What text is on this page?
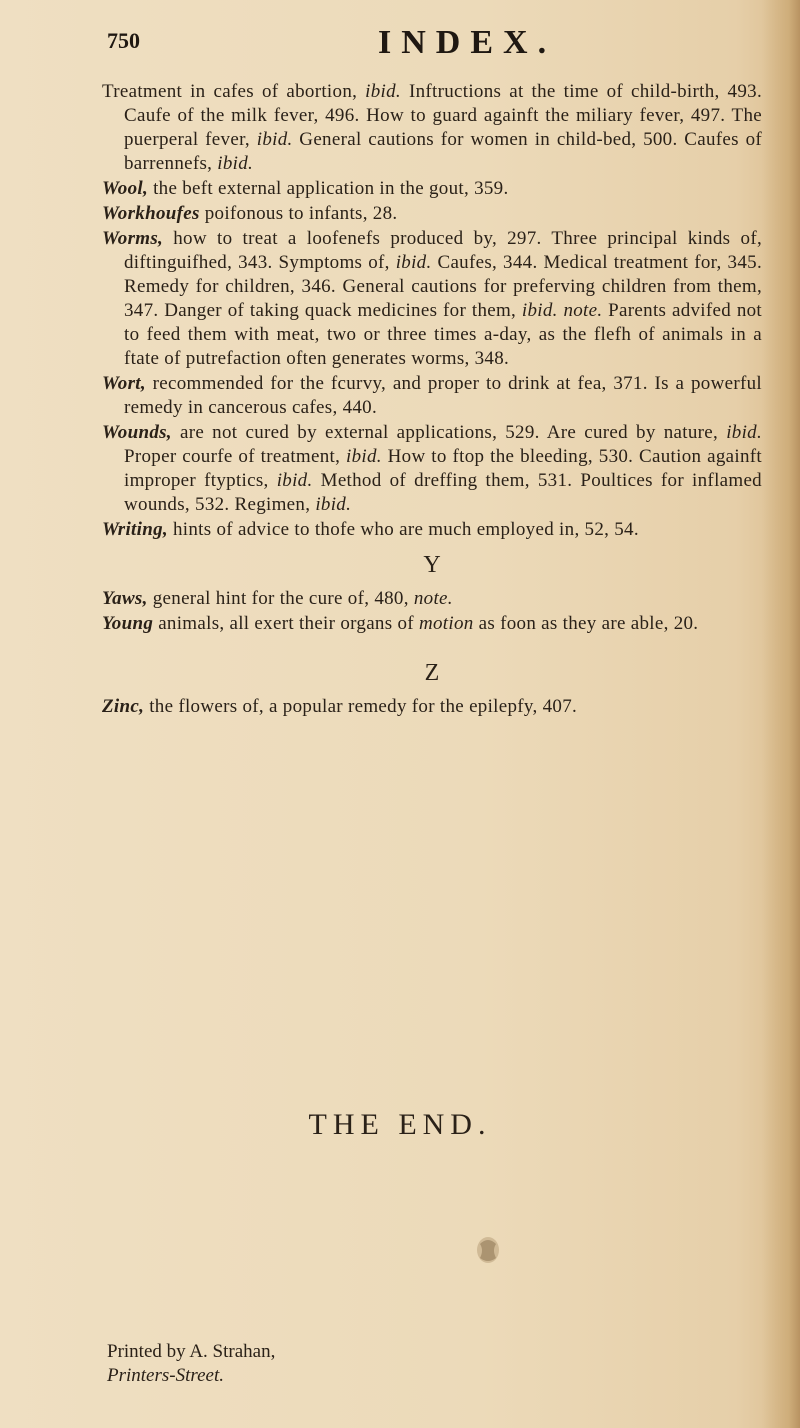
750	INDEX.

Treatment in cafes of abortion, ibid. Inftructions at the time of child-birth, 493. Caufe of the milk fever, 496. How to guard againft the miliary fever, 497. The puerperal fever, ibid. General cautions for women in child-bed, 500. Caufes of barrennefs, ibid.

Wool, the beft external application in the gout, 359.

Workhoufes poifonous to infants, 28.

Worms, how to treat a loofenefs produced by, 297. Three principal kinds of, diftinguifhed, 343. Symptoms of, ibid. Caufes, 344. Medical treatment for, 345. Remedy for children, 346. General cautions for preferving children from them, 347. Danger of taking quack medicines for them, ibid. note. Parents advifed not to feed them with meat, two or three times a-day, as the flefh of animals in a ftate of putrefaction often generates worms, 348.

Wort, recommended for the fcurvy, and proper to drink at fea, 371. Is a powerful remedy in cancerous cafes, 440.

Wounds, are not cured by external applications, 529. Are cured by nature, ibid. Proper courfe of treatment, ibid. How to ftop the bleeding, 530. Caution againft improper ftyptics, ibid. Method of dreffing them, 531. Poultices for inflamed wounds, 532. Regimen, ibid.

Writing, hints of advice to thofe who are much employed in, 52, 54.

Y

Yaws, general hint for the cure of, 480, note.

Young animals, all exert their organs of motion as foon as they are able, 20.

Z

Zinc, the flowers of, a popular remedy for the epilepfy, 407.

THE END.
Printed by A. Strahan,
Printers-Street.
